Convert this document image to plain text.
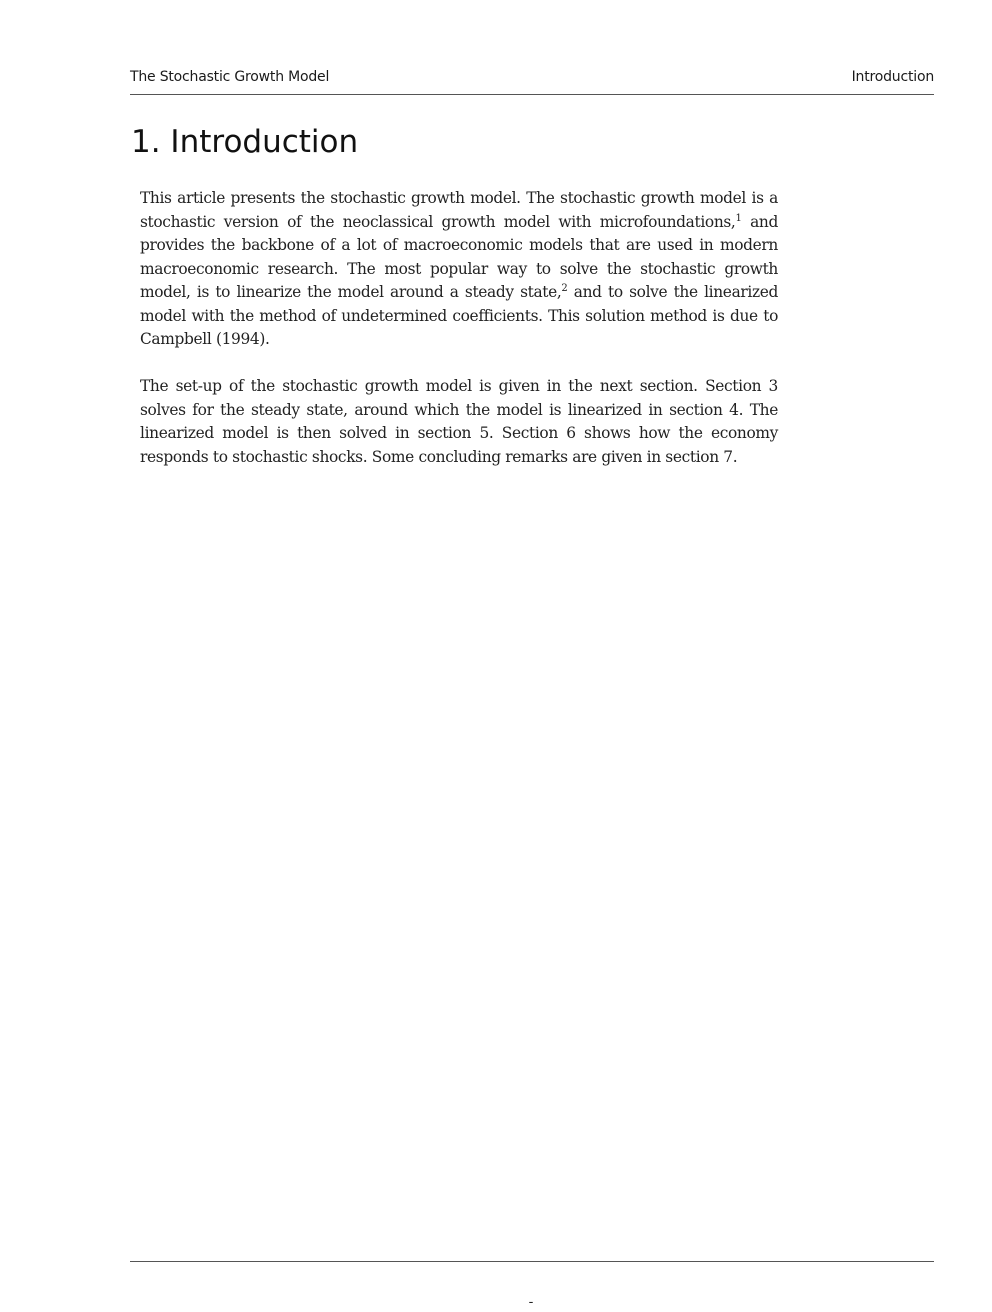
The Stochastic Growth Model	Introduction
1. Introduction

This article presents the stochastic growth model. The stochastic growth model is a stochastic version of the neoclassical growth model with microfoundations,$^1$ and provides the backbone of a lot of macroeconomic models that are used in modern macroeconomic research. The most popular way to solve the stochastic growth model, is to linearize the model around a steady state,$^2$ and to solve the linearized model with the method of undetermined coefficients. This solution method is due to Campbell (1994).

The set-up of the stochastic growth model is given in the next section. Section 3 solves for the steady state, around which the model is linearized in section 4. The linearized model is then solved in section 5. Section 6 shows how the economy responds to stochastic shocks. Some concluding remarks are given in section 7.

-
